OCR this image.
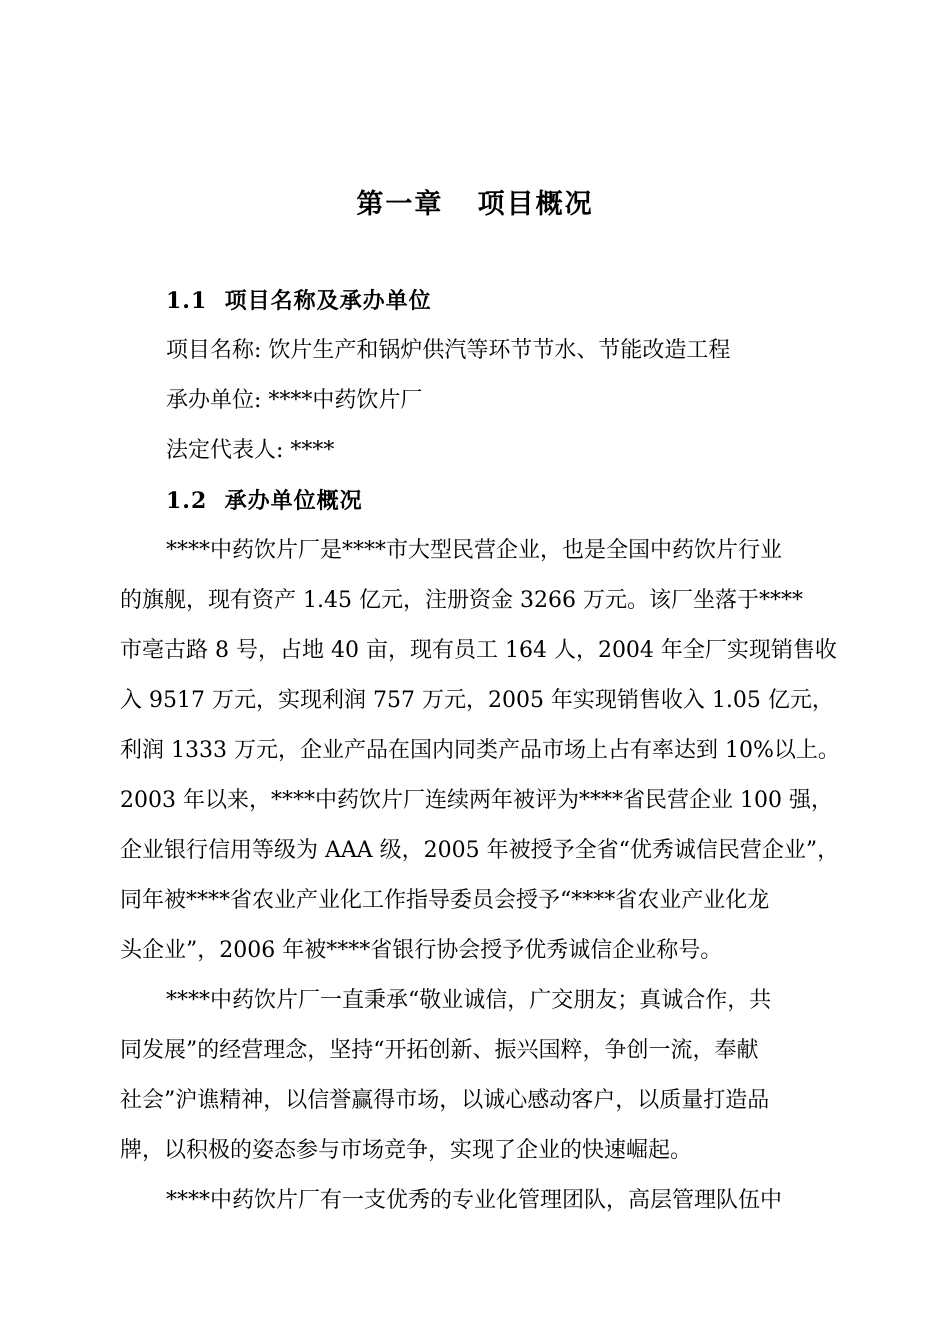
第一章   项目概况
1.1  项目名称及承办单位
项目名称: 饮片生产和锅炉供汽等环节节水、节能改造工程
承办单位: ****中药饮片厂
法定代表人: ****
1.2  承办单位概况
****中药饮片厂是****市大型民营企业，也是全国中药饮片行业
的旗舰，现有资产 1.45 亿元，注册资金 3266 万元。该厂坐落于****
市亳古路 8 号，占地 40 亩，现有员工 164 人，2004 年全厂实现销售收
入 9517 万元，实现利润 757 万元，2005 年实现销售收入 1.05 亿元，
利润 1333 万元，企业产品在国内同类产品市场上占有率达到 10%以上。
2003 年以来，****中药饮片厂连续两年被评为****省民营企业 100 强，
企业银行信用等级为 AAA 级，2005 年被授予全省“优秀诚信民营企业”，
同年被****省农业产业化工作指导委员会授予“****省农业产业化龙
头企业”，2006 年被****省银行协会授予优秀诚信企业称号。
****中药饮片厂一直秉承“敬业诚信，广交朋友；真诚合作，共
同发展”的经营理念，坚持“开拓创新、振兴国粹，争创一流，奉献
社会”沪谯精神，以信誉赢得市场，以诚心感动客户，以质量打造品
牌，以积极的姿态参与市场竞争，实现了企业的快速崛起。
****中药饮片厂有一支优秀的专业化管理团队，高层管理队伍中
